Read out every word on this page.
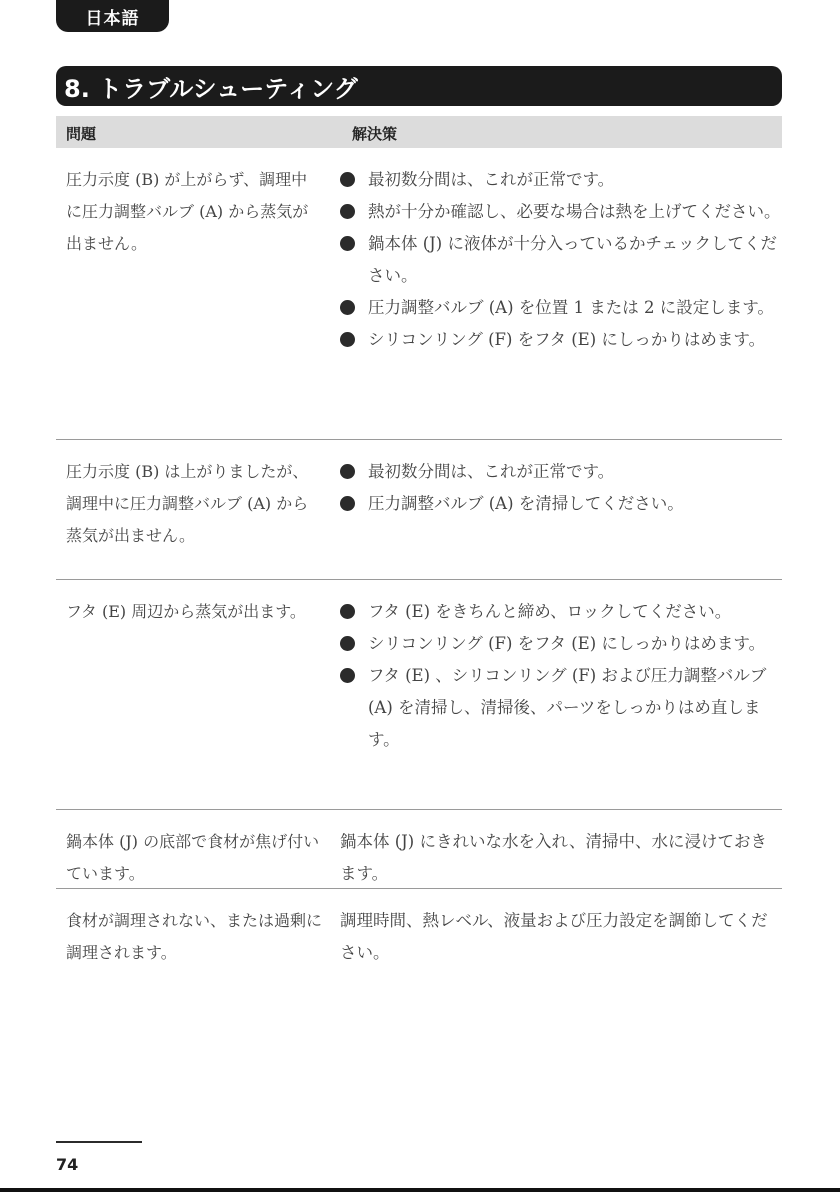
日本語
8. トラブルシューティング
問題	解決策
圧力示度 (B) が上がらず、調理中に圧力調整バルブ (A) から蒸気が出ません。
最初数分間は、これが正常です。
熱が十分か確認し、必要な場合は熱を上げてください。
鍋本体 (J) に液体が十分入っているかチェックしてください。
圧力調整バルブ (A) を位置 1 または 2 に設定します。
シリコンリング (F) をフタ (E) にしっかりはめます。
圧力示度 (B) は上がりましたが、調理中に圧力調整バルブ (A) から蒸気が出ません。
最初数分間は、これが正常です。
圧力調整バルブ (A) を清掃してください。
フタ (E) 周辺から蒸気が出ます。	フタ (E) をきちんと締め、ロックしてください。
シリコンリング (F) をフタ (E) にしっかりはめます。
フタ (E) 、シリコンリング (F) および圧力調整バルブ (A) を清掃し、清掃後、パーツをしっかりはめ直します。
鍋本体 (J) の底部で食材が焦げ付いています。
鍋本体 (J) にきれいな水を入れ、清掃中、水に浸けておきます。
食材が調理されない、または過剰に調理されます。
調理時間、熱レベル、液量および圧力設定を調節してください。
74
